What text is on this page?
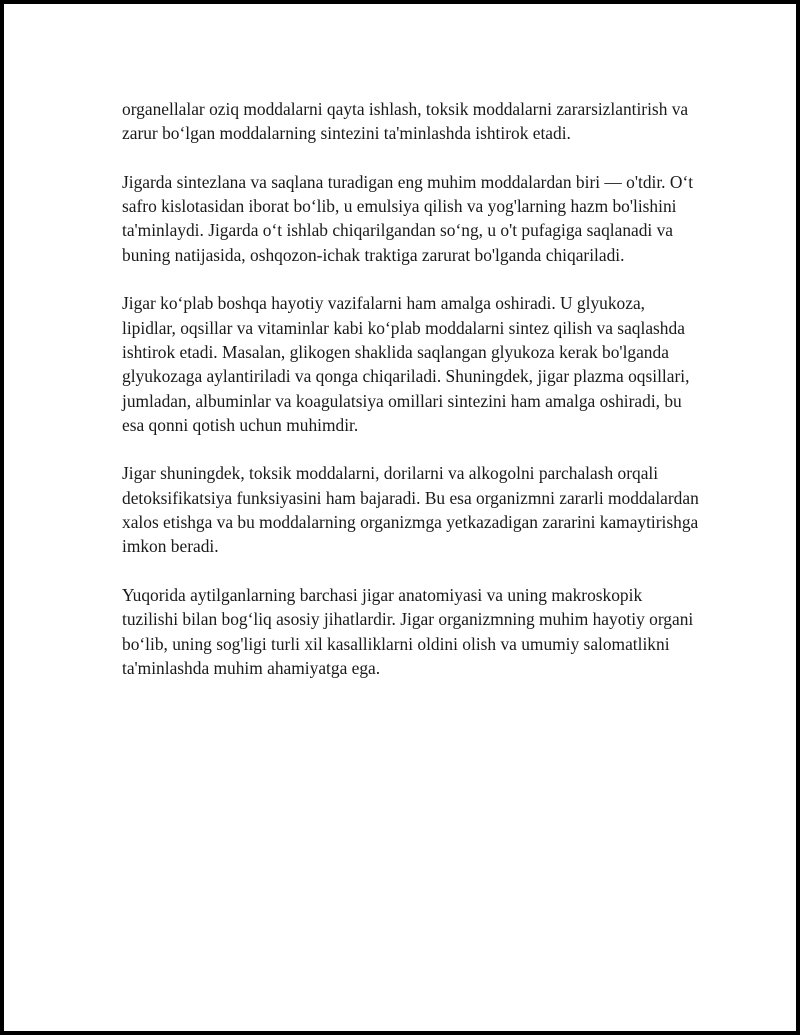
organellalar oziq moddalarni qayta ishlash, toksik moddalarni zararsizlantirish va zarur bo‘lgan moddalarning sintezini ta'minlashda ishtirok etadi.

Jigarda sintezlana va saqlana turadigan eng muhim moddalardan biri — o'tdir. O‘t safro kislotasidan iborat bo‘lib, u emulsiya qilish va yog'larning hazm bo'lishini ta'minlaydi. Jigarda o‘t ishlab chiqarilgandan so‘ng, u o't pufagiga saqlanadi va buning natijasida, oshqozon-ichak traktiga zarurat bo'lganda chiqariladi.

Jigar ko‘plab boshqa hayotiy vazifalarni ham amalga oshiradi. U glyukoza, lipidlar, oqsillar va vitaminlar kabi ko‘plab moddalarni sintez qilish va saqlashda ishtirok etadi. Masalan, glikogen shaklida saqlangan glyukoza kerak bo'lganda glyukozaga aylantiriladi va qonga chiqariladi. Shuningdek, jigar plazma oqsillari, jumladan, albuminlar va koagulatsiya omillari sintezini ham amalga oshiradi, bu esa qonni qotish uchun muhimdir.

Jigar shuningdek, toksik moddalarni, dorilarni va alkogolni parchalash orqali detoksifikatsiya funksiyasini ham bajaradi. Bu esa organizmni zararli moddalardan xalos etishga va bu moddalarning organizmga yetkazadigan zararini kamaytirishga imkon beradi.

Yuqorida aytilganlarning barchasi jigar anatomiyasi va uning makroskopik tuzilishi bilan bog‘liq asosiy jihatlardir. Jigar organizmning muhim hayotiy organi bo‘lib, uning sog'ligi turli xil kasalliklarni oldini olish va umumiy salomatlikni ta'minlashda muhim ahamiyatga ega.
